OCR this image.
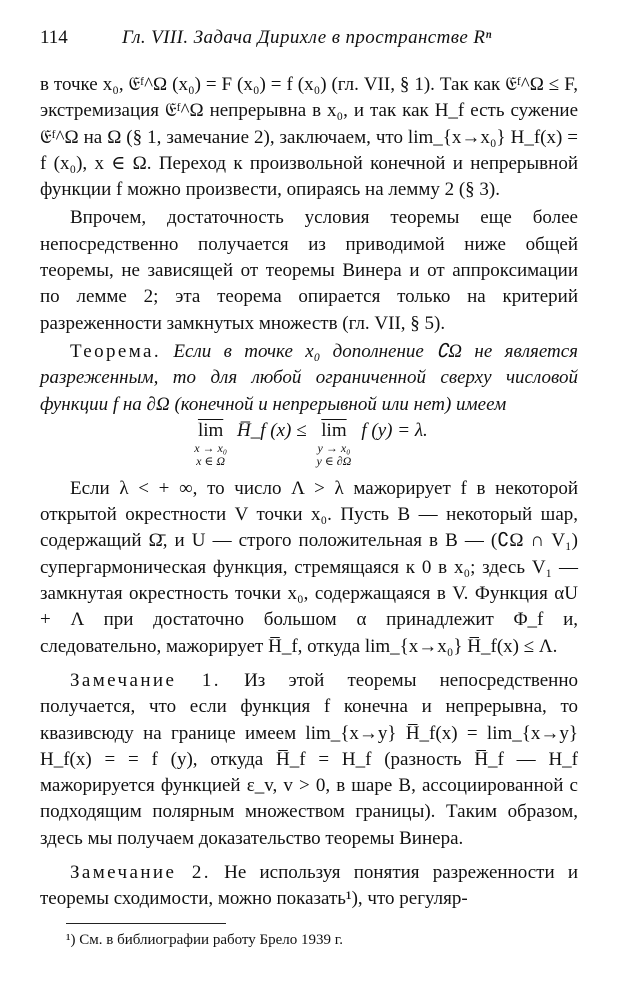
114	Гл. VIII. Задача Дирихле в пространстве Rⁿ

в точке x₀, 𝔈ᶠ^Ω (x₀) = F (x₀) = f (x₀) (гл. VII, § 1). Так как 𝔈ᶠ^Ω ≤ F, экстремизация 𝔈ᶠ^Ω непрерывна в x₀, и так как H_f есть сужение 𝔈ᶠ^Ω на Ω (§ 1, замечание 2), заключаем, что lim_{x→x₀} H_f(x) = f (x₀), x ∈ Ω. Переход к произвольной конечной и непрерывной функции f можно произвести, опираясь на лемму 2 (§ 3).

Впрочем, достаточность условия теоремы еще более непосредственно получается из приводимой ниже общей теоремы, не зависящей от теоремы Винера и от аппроксимации по лемме 2; эта теорема опирается только на критерий разреженности замкнутых множеств (гл. VII, § 5).

Теорема. Если в точке x₀ дополнение ∁Ω не является разреженным, то для любой ограниченной сверху числовой функции f на ∂Ω (конечной и непрерывной или нет) имеем

$\overline{lim}$
x → x₀
x ∈ Ω
H̅_f $(x) \le \overline{lim}$
y → x₀
y ∈ ∂Ω
f (y) = λ.

Если λ < + ∞, то число Λ > λ мажорирует f в некоторой открытой окрестности V точки x₀. Пусть B — некоторый шар, содержащий Ω̄, и U — строго положительная в B — (∁Ω ∩ V₁) супергармоническая функция, стремящаяся к 0 в x₀; здесь V₁ — замкнутая окрестность точки x₀, содержащаяся в V. Функция αU + Λ при достаточно большом α принадлежит Φ_f и, следовательно, мажорирует H̅_f, откуда lim_{x→x₀} H̅_f(x) ≤ Λ.

Замечание 1. Из этой теоремы непосредственно получается, что если функция f конечна и непрерывна, то квазивсюду на границе имеем lim_{x→y} H̅_f(x) = lim_{x→y} H_f(x) = = f (y), откуда H̅_f = H_f (разность H̅_f — H_f мажорируется функцией ε_v, v > 0, в шаре B, ассоциированной с подходящим полярным множеством границы). Таким образом, здесь мы получаем доказательство теоремы Винера.

Замечание 2. Не используя понятия разреженности и теоремы сходимости, можно показать¹), что регуляр-

¹) См. в библиографии работу Брело 1939 г.
